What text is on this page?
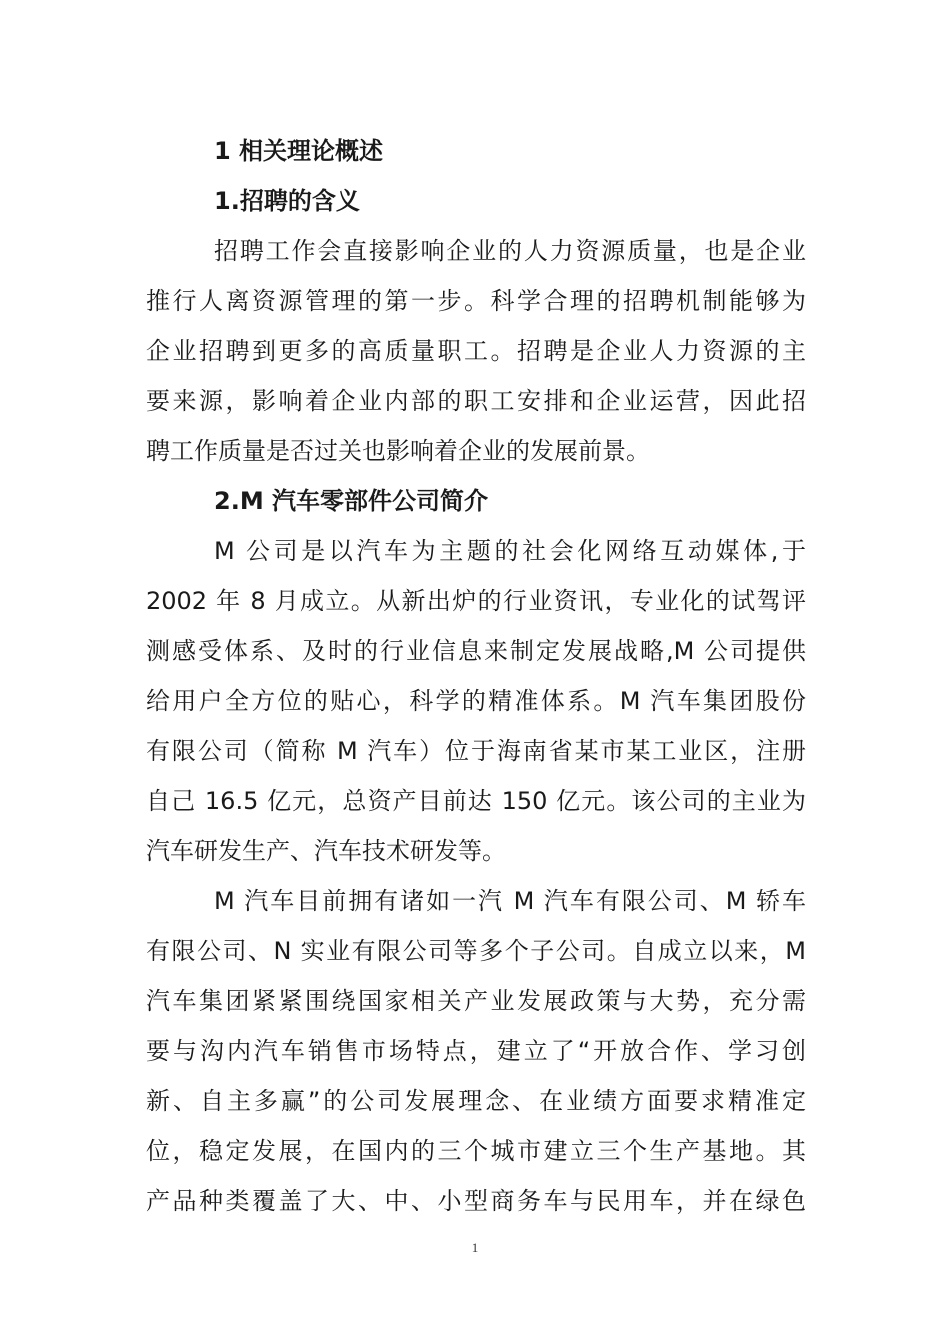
1 相关理论概述
1.招聘的含义
招聘工作会直接影响企业的人力资源质量，也是企业
推行人离资源管理的第一步。科学合理的招聘机制能够为
企业招聘到更多的高质量职工。招聘是企业人力资源的主
要来源，影响着企业内部的职工安排和企业运营，因此招
聘工作质量是否过关也影响着企业的发展前景。
2.M 汽车零部件公司简介
M 公司是以汽车为主题的社会化网络互动媒体,于
2002 年 8 月成立。从新出炉的行业资讯，专业化的试驾评
测感受体系、及时的行业信息来制定发展战略,M 公司提供
给用户全方位的贴心，科学的精准体系。M 汽车集团股份
有限公司（简称 M 汽车）位于海南省某市某工业区，注册
自己 16.5 亿元，总资产目前达 150 亿元。该公司的主业为
汽车研发生产、汽车技术研发等。
M 汽车目前拥有诸如一汽 M 汽车有限公司、M 轿车
有限公司、N 实业有限公司等多个子公司。自成立以来，M
汽车集团紧紧围绕国家相关产业发展政策与大势，充分需
要与沟内汽车销售市场特点，建立了“开放合作、学习创
新、自主多赢”的公司发展理念、在业绩方面要求精准定
位，稳定发展，在国内的三个城市建立三个生产基地。其
产品种类覆盖了大、中、小型商务车与民用车，并在绿色
1
